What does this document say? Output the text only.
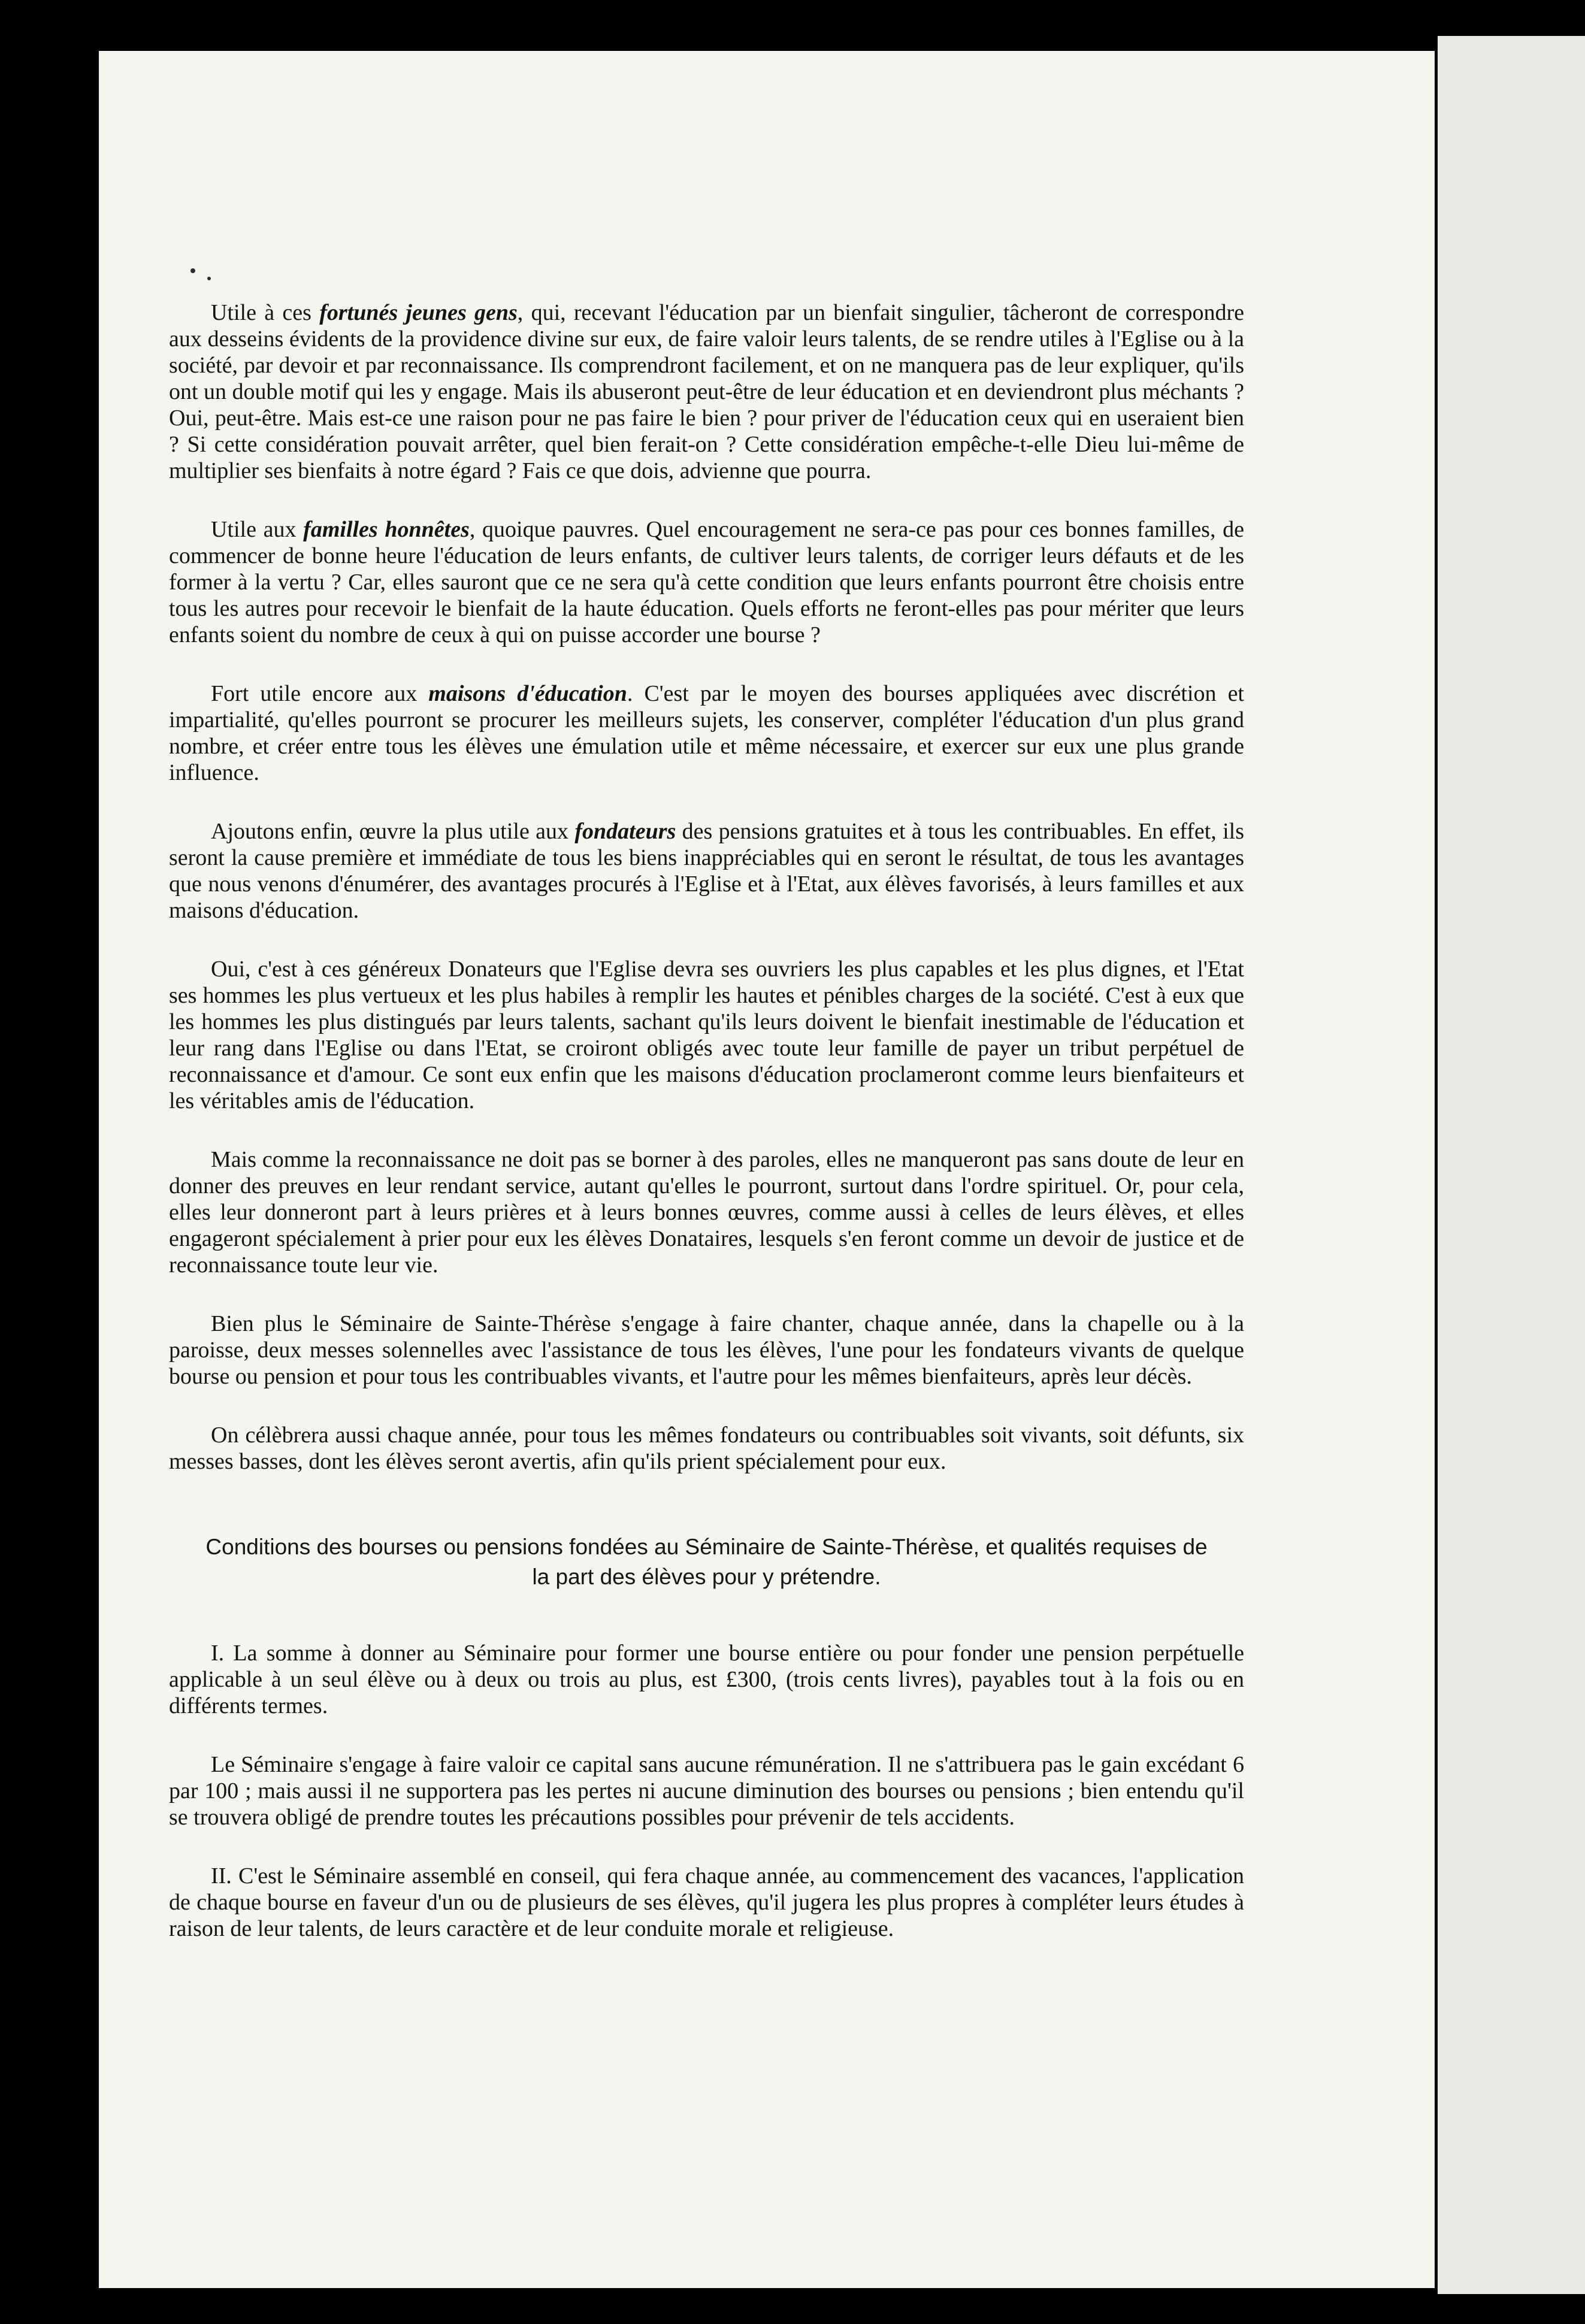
Utile à ces fortunés jeunes gens, qui, recevant l'éducation par un bienfait singulier, tâcheront de correspondre aux desseins évidents de la providence divine sur eux, de faire valoir leurs talents, de se rendre utiles à l'Eglise ou à la société, par devoir et par reconnaissance. Ils comprendront facilement, et on ne manquera pas de leur expliquer, qu'ils ont un double motif qui les y engage. Mais ils abuseront peut-être de leur éducation et en deviendront plus méchants ? Oui, peut-être. Mais est-ce une raison pour ne pas faire le bien ? pour priver de l'éducation ceux qui en useraient bien ? Si cette considération pouvait arrêter, quel bien ferait-on ? Cette considération empêche-t-elle Dieu lui-même de multiplier ses bienfaits à notre égard ? Fais ce que dois, advienne que pourra.

Utile aux familles honnêtes, quoique pauvres. Quel encouragement ne sera-ce pas pour ces bonnes familles, de commencer de bonne heure l'éducation de leurs enfants, de cultiver leurs talents, de corriger leurs défauts et de les former à la vertu ? Car, elles sauront que ce ne sera qu'à cette condition que leurs enfants pourront être choisis entre tous les autres pour recevoir le bienfait de la haute éducation. Quels efforts ne feront-elles pas pour mériter que leurs enfants soient du nombre de ceux à qui on puisse accorder une bourse ?

Fort utile encore aux maisons d'éducation. C'est par le moyen des bourses appliquées avec discrétion et impartialité, qu'elles pourront se procurer les meilleurs sujets, les conserver, compléter l'éducation d'un plus grand nombre, et créer entre tous les élèves une émulation utile et même nécessaire, et exercer sur eux une plus grande influence.

Ajoutons enfin, œuvre la plus utile aux fondateurs des pensions gratuites et à tous les contribuables. En effet, ils seront la cause première et immédiate de tous les biens inappréciables qui en seront le résultat, de tous les avantages que nous venons d'énumérer, des avantages procurés à l'Eglise et à l'Etat, aux élèves favorisés, à leurs familles et aux maisons d'éducation.

Oui, c'est à ces généreux Donateurs que l'Eglise devra ses ouvriers les plus capables et les plus dignes, et l'Etat ses hommes les plus vertueux et les plus habiles à remplir les hautes et pénibles charges de la société. C'est à eux que les hommes les plus distingués par leurs talents, sachant qu'ils leurs doivent le bienfait inestimable de l'éducation et leur rang dans l'Eglise ou dans l'Etat, se croiront obligés avec toute leur famille de payer un tribut perpétuel de reconnaissance et d'amour. Ce sont eux enfin que les maisons d'éducation proclameront comme leurs bienfaiteurs et les véritables amis de l'éducation.

Mais comme la reconnaissance ne doit pas se borner à des paroles, elles ne manqueront pas sans doute de leur en donner des preuves en leur rendant service, autant qu'elles le pourront, surtout dans l'ordre spirituel. Or, pour cela, elles leur donneront part à leurs prières et à leurs bonnes œuvres, comme aussi à celles de leurs élèves, et elles engageront spécialement à prier pour eux les élèves Donataires, lesquels s'en feront comme un devoir de justice et de reconnaissance toute leur vie.

Bien plus le Séminaire de Sainte-Thérèse s'engage à faire chanter, chaque année, dans la chapelle ou à la paroisse, deux messes solennelles avec l'assistance de tous les élèves, l'une pour les fondateurs vivants de quelque bourse ou pension et pour tous les contribuables vivants, et l'autre pour les mêmes bienfaiteurs, après leur décès.

On célèbrera aussi chaque année, pour tous les mêmes fondateurs ou contribuables soit vivants, soit défunts, six messes basses, dont les élèves seront avertis, afin qu'ils prient spécialement pour eux.

Conditions des bourses ou pensions fondées au Séminaire de Sainte-Thérèse, et qualités requises de la part des élèves pour y prétendre.

I. La somme à donner au Séminaire pour former une bourse entière ou pour fonder une pension perpétuelle applicable à un seul élève ou à deux ou trois au plus, est £300, (trois cents livres), payables tout à la fois ou en différents termes.

Le Séminaire s'engage à faire valoir ce capital sans aucune rémunération. Il ne s'attribuera pas le gain excédant 6 par 100 ; mais aussi il ne supportera pas les pertes ni aucune diminution des bourses ou pensions ; bien entendu qu'il se trouvera obligé de prendre toutes les précautions possibles pour prévenir de tels accidents.

II. C'est le Séminaire assemblé en conseil, qui fera chaque année, au commencement des vacances, l'application de chaque bourse en faveur d'un ou de plusieurs de ses élèves, qu'il jugera les plus propres à compléter leurs études à raison de leur talents, de leurs caractère et de leur conduite morale et religieuse.
